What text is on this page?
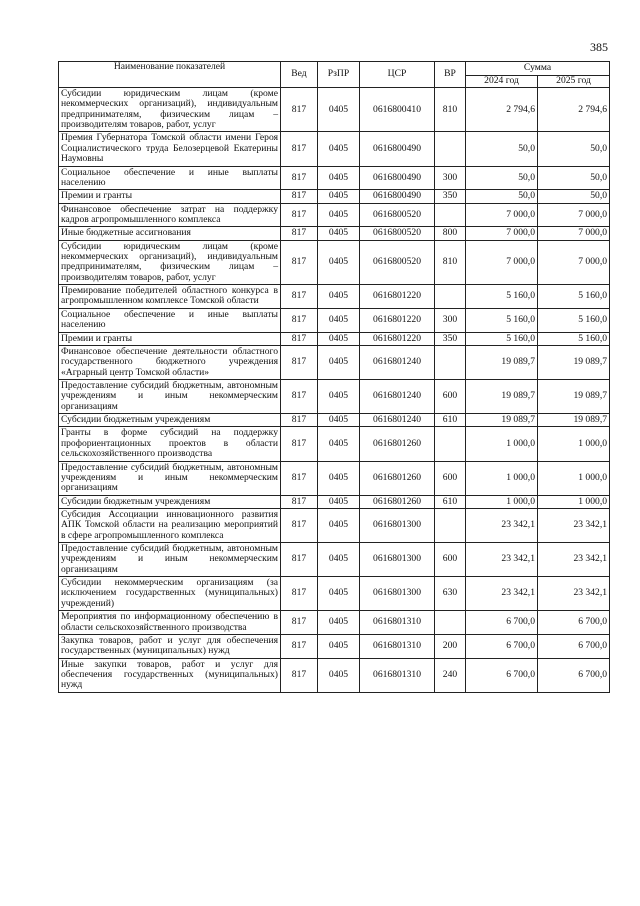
385
Наименование показателей	Вед	РзПР	ЦСР	ВР	Сумма	
					2024 год	2025 год
Субсидии юридическим лицам (кроме некоммерческих организаций), индивидуальным предпринимателям, физическим лицам – производителям товаров, работ, услуг	817	0405	0616800410	810	2 794,6	2 794,6
Премия Губернатора Томской области имени Героя Социалистического труда Белозерцевой Екатерины Наумовны	817	0405	0616800490		50,0	50,0
Социальное обеспечение и иные выплаты населению	817	0405	0616800490	300	50,0	50,0
Премии и гранты	817	0405	0616800490	350	50,0	50,0
Финансовое обеспечение затрат на поддержку кадров агропромышленного комплекса	817	0405	0616800520		7 000,0	7 000,0
Иные бюджетные ассигнования	817	0405	0616800520	800	7 000,0	7 000,0
Субсидии юридическим лицам (кроме некоммерческих организаций), индивидуальным предпринимателям, физическим лицам – производителям товаров, работ, услуг	817	0405	0616800520	810	7 000,0	7 000,0
Премирование победителей областного конкурса в агропромышленном комплексе Томской области	817	0405	0616801220		5 160,0	5 160,0
Социальное обеспечение и иные выплаты населению	817	0405	0616801220	300	5 160,0	5 160,0
Премии и гранты	817	0405	0616801220	350	5 160,0	5 160,0
Финансовое обеспечение деятельности областного государственного бюджетного учреждения «Аграрный центр Томской области»	817	0405	0616801240		19 089,7	19 089,7
Предоставление субсидий бюджетным, автономным учреждениям и иным некоммерческим организациям	817	0405	0616801240	600	19 089,7	19 089,7
Субсидии бюджетным учреждениям	817	0405	0616801240	610	19 089,7	19 089,7
Гранты в форме субсидий на поддержку профориентационных проектов в области сельскохозяйственного производства	817	0405	0616801260		1 000,0	1 000,0
Предоставление субсидий бюджетным, автономным учреждениям и иным некоммерческим организациям	817	0405	0616801260	600	1 000,0	1 000,0
Субсидии бюджетным учреждениям	817	0405	0616801260	610	1 000,0	1 000,0
Субсидия Ассоциации инновационного развития АПК Томской области на реализацию мероприятий в сфере агропромышленного комплекса	817	0405	0616801300		23 342,1	23 342,1
Предоставление субсидий бюджетным, автономным учреждениям и иным некоммерческим организациям	817	0405	0616801300	600	23 342,1	23 342,1
Субсидии некоммерческим организациям (за исключением государственных (муниципальных) учреждений)	817	0405	0616801300	630	23 342,1	23 342,1
Мероприятия по информационному обеспечению в области сельскохозяйственного производства	817	0405	0616801310		6 700,0	6 700,0
Закупка товаров, работ и услуг для обеспечения государственных (муниципальных) нужд	817	0405	0616801310	200	6 700,0	6 700,0
Иные закупки товаров, работ и услуг для обеспечения государственных (муниципальных) нужд	817	0405	0616801310	240	6 700,0	6 700,0
